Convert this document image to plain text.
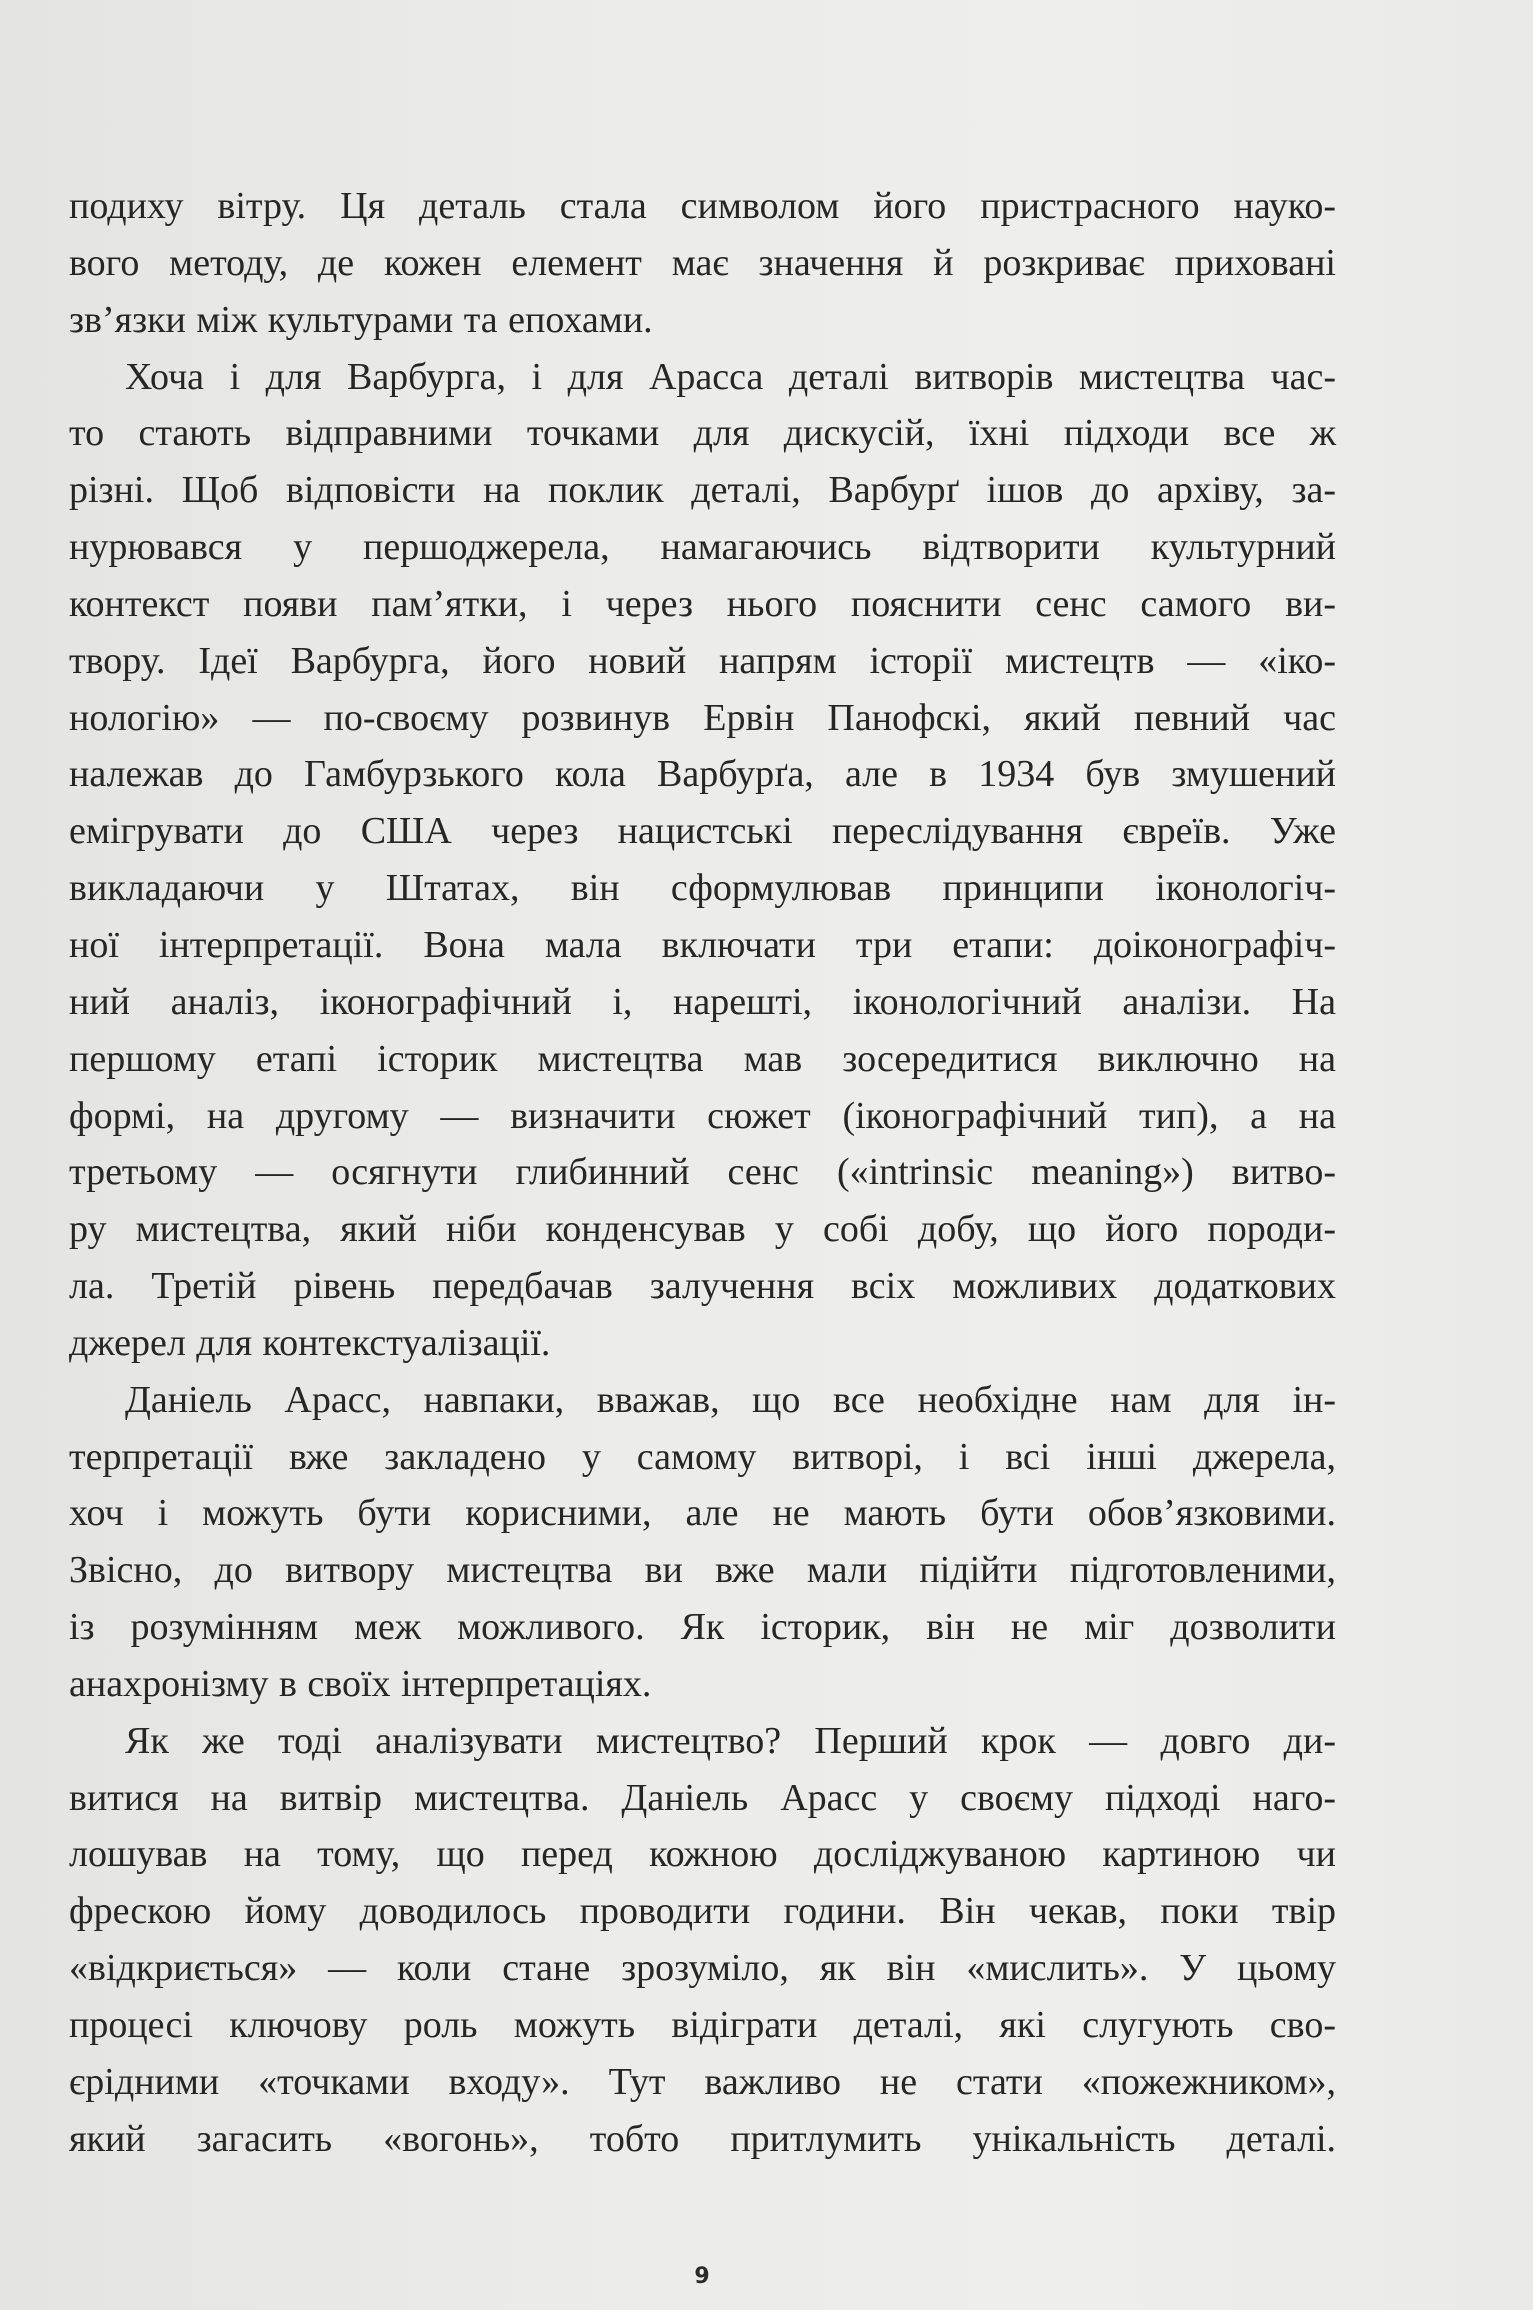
подиху вітру. Ця деталь стала символом його пристрасного науко-
вого методу, де кожен елемент має значення й розкриває приховані
зв’язки між культурами та епохами.
Хоча і для Варбурга, і для Арасса деталі витворів мистецтва час-
то стають відправними точками для дискусій, їхні підходи все ж
різні. Щоб відповісти на поклик деталі, Варбурґ ішов до архіву, за-
нурювався у першоджерела, намагаючись відтворити культурний
контекст появи пам’ятки, і через нього пояснити сенс самого ви-
твору. Ідеї Варбурга, його новий напрям історії мистецтв — «іко-
нологію» — по-своєму розвинув Ервін Панофскі, який певний час
належав до Гамбурзького кола Варбурґа, але в 1934 був змушений
емігрувати до США через нацистські переслідування євреїв. Уже
викладаючи у Штатах, він сформулював принципи іконологіч-
ної інтерпретації. Вона мала включати три етапи: доіконографіч-
ний аналіз, іконографічний і, нарешті, іконологічний аналізи. На
першому етапі історик мистецтва мав зосередитися виключно на
формі, на другому — визначити сюжет (іконографічний тип), а на
третьому — осягнути глибинний сенс («intrinsic meaning») витво-
ру мистецтва, який ніби конденсував у собі добу, що його породи-
ла. Третій рівень передбачав залучення всіх можливих додаткових
джерел для контекстуалізації.
Даніель Арасс, навпаки, вважав, що все необхідне нам для ін-
терпретації вже закладено у самому витворі, і всі інші джерела,
хоч і можуть бути корисними, але не мають бути обов’язковими.
Звісно, до витвору мистецтва ви вже мали підійти підготовленими,
із розумінням меж можливого. Як історик, він не міг дозволити
анахронізму в своїх інтерпретаціях.
Як же тоді аналізувати мистецтво? Перший крок — довго ди-
витися на витвір мистецтва. Даніель Арасс у своєму підході наго-
лошував на тому, що перед кожною досліджуваною картиною чи
фрескою йому доводилось проводити години. Він чекав, поки твір
«відкриється» — коли стане зрозуміло, як він «мислить». У цьому
процесі ключову роль можуть відіграти деталі, які слугують сво-
єрідними «точками входу». Тут важливо не стати «пожежником»,
який загасить «вогонь», тобто притлумить унікальність деталі.
9
